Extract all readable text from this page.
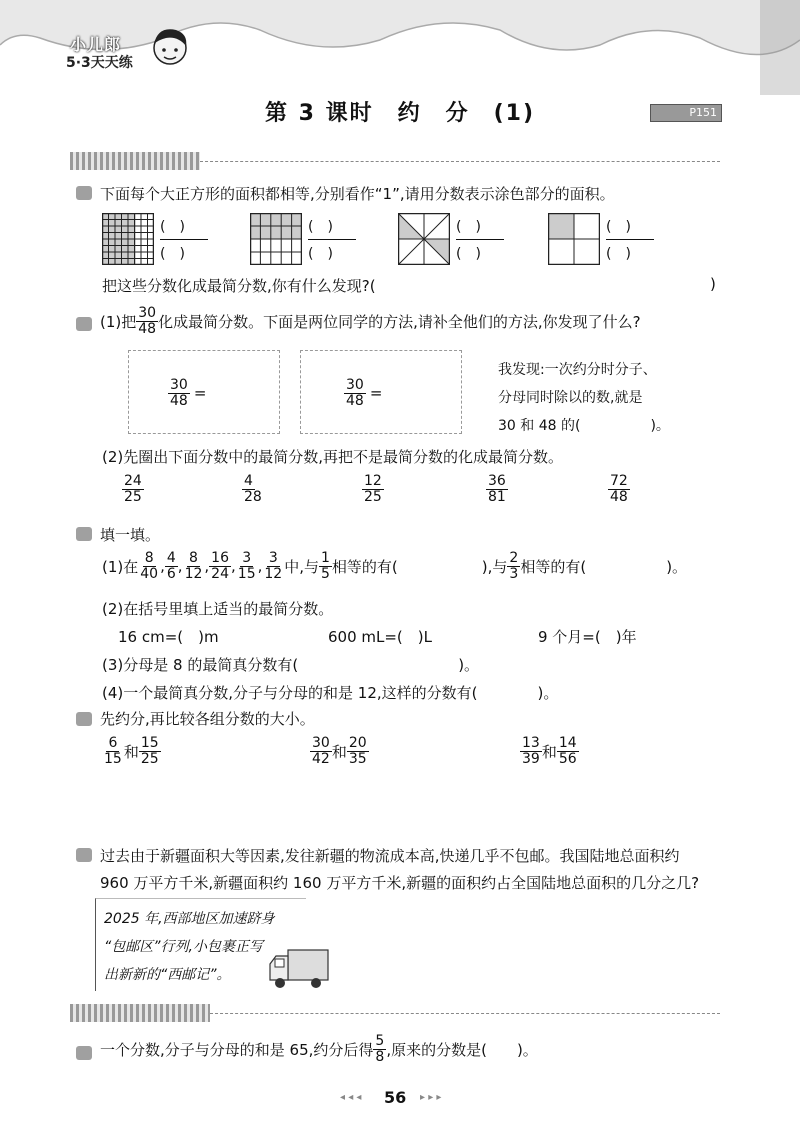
小儿郎
5·3天天练
第 3 课时　约　分　(1)	P151
下面每个大正方形的面积都相等,分别看作“1”,请用分数表示涂色部分的面积。
(　)
(　)
(　)
(　)
(　)
(　)
(　)
(　)
把这些分数化成最简分数,你有什么发现?(	)
(1)把 $\frac{30}{48}$ 化成最简分数。下面是两位同学的方法,请补全他们的方法,你发现了什么?
$\frac{30}{48}$ =	$\frac{30}{48}$ =
我发现:一次约分时分子、
分母同时除以的数,就是
30 和 48 的(	)。
(2)先圈出下面分数中的最简分数,再把不是最简分数的化成最简分数。
$\frac{24}{25} \frac{4}{28} \frac{12}{25} \frac{36}{81} \frac{72}{48}$
填一填。
(1)在 $\frac{8}{40}$ , $\frac{4}{6}$ , $\frac{8}{12}$ , $\frac{16}{24}$ , $\frac{3}{15}$ , $\frac{3}{12}$ 中,与 $\frac{1}{5}$ 相等的有(	),与 $\frac{2}{3}$ 相等的有(	)。
(2)在括号里填上适当的最简分数。
16 cm=(　)m	600 mL=(　)L	9 个月=(　)年
(3)分母是 8 的最简真分数有(	)。
(4)一个最简真分数,分子与分母的和是 12,这样的分数有(	)。
先约分,再比较各组分数的大小。
$\frac{6}{15}$ 和 $\frac{15}{25}$	$\frac{30}{42}$ 和 $\frac{20}{35}$	$\frac{13}{39}$ 和 $\frac{14}{56}$
过去由于新疆面积大等因素,发往新疆的物流成本高,快递几乎不包邮。我国陆地总面积约
960 万平方千米,新疆面积约 160 万平方千米,新疆的面积约占全国陆地总面积的几分之几?
2025 年,西部地区加速跻身
“包邮区”行列,小包裹正写
出新新的“西邮记”。
一个分数,分子与分母的和是 65,约分后得 $\frac{5}{8}$ ,原来的分数是( )。
◂ ◂ ◂ 56 ▸ ▸ ▸
